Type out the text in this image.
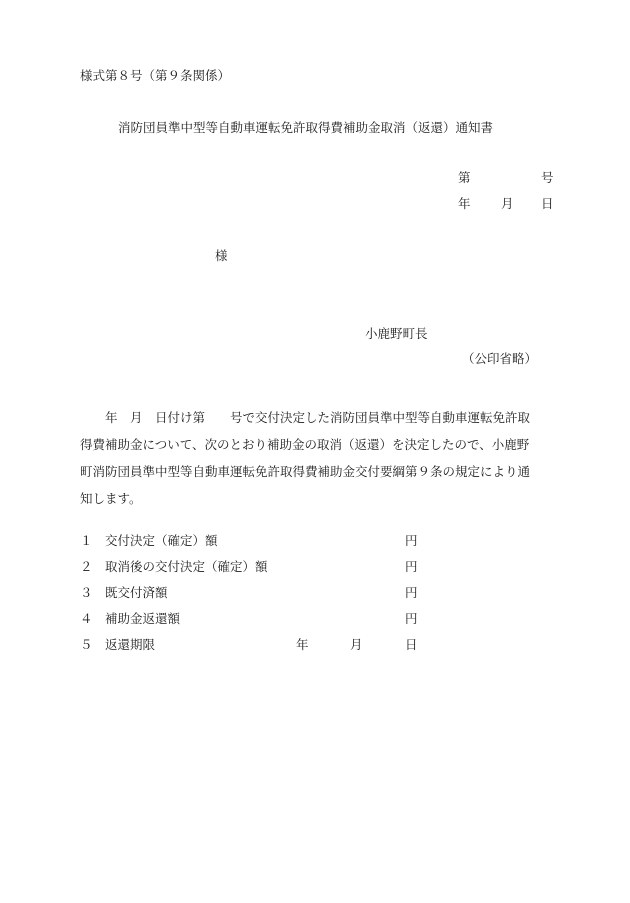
様式第８号（第９条関係）
消防団員準中型等自動車運転免許取得費補助金取消（返還）通知書
第	号
年 月 日
様
小鹿野町長
（公印省略）
　　年　月　日付け第　　号で交付決定した消防団員準中型等自動車運転免許取
得費補助金について、次のとおり補助金の取消（返還）を決定したので、小鹿野
町消防団員準中型等自動車運転免許取得費補助金交付要綱第９条の規定により通
知します。
１ 交付決定（確定）額	円
２ 取消後の交付決定（確定）額	円
３ 既交付済額	円
４ 補助金返還額	円
５ 返還期限	年	月	日
